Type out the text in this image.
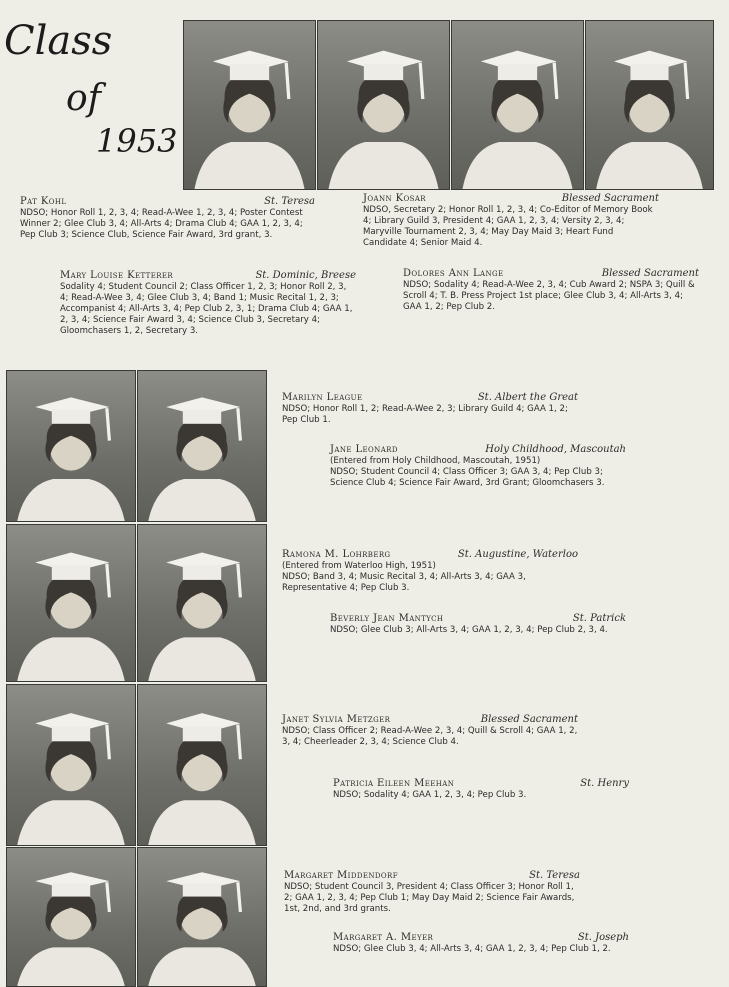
Class
of
1953
Pat Kohl	St. Teresa
NDSO; Honor Roll 1, 2, 3, 4; Read-A-Wee 1, 2, 3, 4; Poster Contest Winner 2; Glee Club 3, 4; All-Arts 4; Drama Club 4; GAA 1, 2, 3, 4; Pep Club 3; Science Club, Science Fair Award, 3rd grant, 3.
Joann Kosar	Blessed Sacrament
NDSO, Secretary 2; Honor Roll 1, 2, 3, 4; Co-Editor of Memory Book 4; Library Guild 3, President 4; GAA 1, 2, 3, 4; Versity 2, 3, 4; Maryville Tournament 2, 3, 4; May Day Maid 3; Heart Fund Candidate 4; Senior Maid 4.
Mary Louise Ketterer	St. Dominic, Breese
Sodality 4; Student Council 2; Class Officer 1, 2, 3; Honor Roll 2, 3, 4; Read-A-Wee 3, 4; Glee Club 3, 4; Band 1; Music Recital 1, 2, 3; Accompanist 4; All-Arts 3, 4; Pep Club 2, 3, 1; Drama Club 4; GAA 1, 2, 3, 4; Science Fair Award 3, 4; Science Club 3, Secretary 4; Gloomchasers 1, 2, Secretary 3.
Dolores Ann Lange	Blessed Sacrament
NDSO; Sodality 4; Read-A-Wee 2, 3, 4; Cub Award 2; NSPA 3; Quill & Scroll 4; T. B. Press Project 1st place; Glee Club 3, 4; All-Arts 3, 4; GAA 1, 2; Pep Club 2.
Marilyn League	St. Albert the Great
NDSO; Honor Roll 1, 2; Read-A-Wee 2, 3; Library Guild 4; GAA 1, 2; Pep Club 1.
Jane Leonard	Holy Childhood, Mascoutah
(Entered from Holy Childhood, Mascoutah, 1951)
NDSO; Student Council 4; Class Officer 3; GAA 3, 4; Pep Club 3; Science Club 4; Science Fair Award, 3rd Grant; Gloomchasers 3.
Ramona M. Lohrberg	St. Augustine, Waterloo
(Entered from Waterloo High, 1951)
NDSO; Band 3, 4; Music Recital 3, 4; All-Arts 3, 4; GAA 3, Representative 4; Pep Club 3.
Beverly Jean Mantych	St. Patrick
NDSO; Glee Club 3; All-Arts 3, 4; GAA 1, 2, 3, 4; Pep Club 2, 3, 4.
Janet Sylvia Metzger	Blessed Sacrament
NDSO; Class Officer 2; Read-A-Wee 2, 3, 4; Quill & Scroll 4; GAA 1, 2, 3, 4; Cheerleader 2, 3, 4; Science Club 4.
Patricia Eileen Meehan	St. Henry
NDSO; Sodality 4; GAA 1, 2, 3, 4; Pep Club 3.
Margaret Middendorf	St. Teresa
NDSO; Student Council 3, President 4; Class Officer 3; Honor Roll 1, 2; GAA 1, 2, 3, 4; Pep Club 1; May Day Maid 2; Science Fair Awards, 1st, 2nd, and 3rd grants.
Margaret A. Meyer	St. Joseph
NDSO; Glee Club 3, 4; All-Arts 3, 4; GAA 1, 2, 3, 4; Pep Club 1, 2.
